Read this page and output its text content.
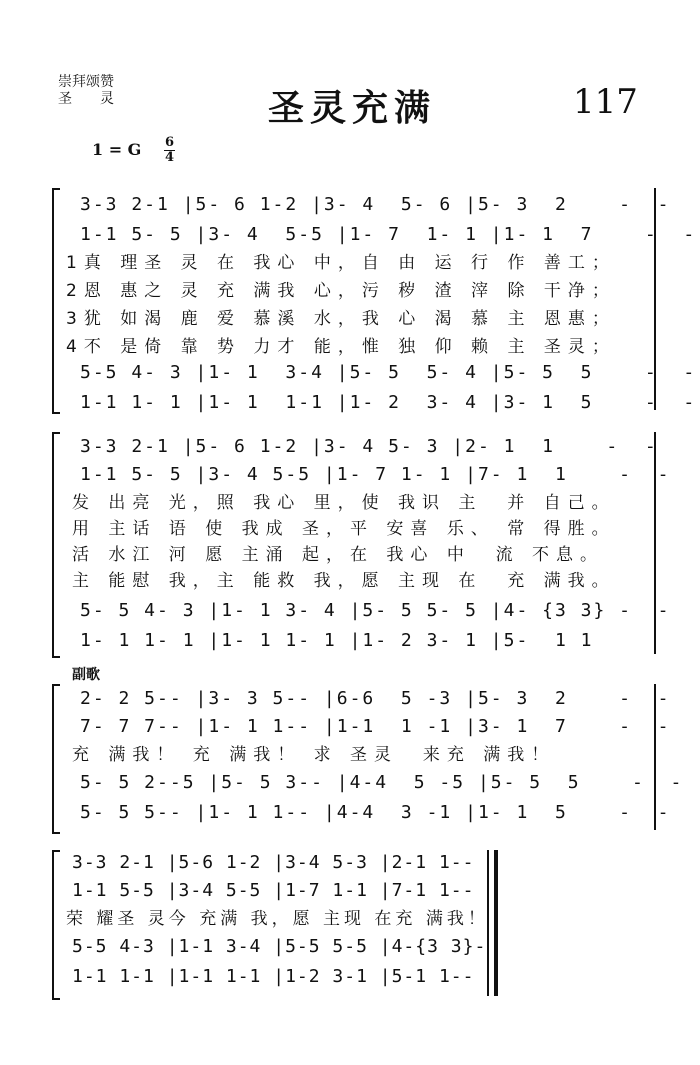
崇拜颂赞
圣　　灵	圣灵充满	117
1 = G 6
4
3-3 2-1 |5- 6 1-2 |3- 4  5- 6 |5- 3  2    -  -
1-1 5- 5 |3- 4  5-5 |1- 7  1- 1 |1- 1  7    -  -
1真 理圣 灵 在 我心 中，自 由 运 行 作 善工；
2恩 惠之 灵 充 满我 心，污 秽 渣 滓 除 干净；
3犹 如渴 鹿 爱 慕溪 水，我 心 渴 慕 主 恩惠；
4不 是倚 靠 势 力才 能，惟 独 仰 赖 主 圣灵；
5-5 4- 3 |1- 1  3-4 |5- 5  5- 4 |5- 5  5    -  -
1-1 1- 1 |1- 1  1-1 |1- 2  3- 4 |3- 1  5    -  -
3-3 2-1 |5- 6 1-2 |3- 4 5- 3 |2- 1  1    -  -
1-1 5- 5 |3- 4 5-5 |1- 7 1- 1 |7- 1  1    -  -
发 出亮 光，照 我心 里，使 我识 主  并 自己。
用 主话 语 使 我成 圣，平 安喜 乐、 常 得胜。
活 水江 河 愿 主涌 起，在 我心 中  流 不息。
主 能慰 我，主 能救 我，愿 主现 在  充 满我。
5- 5 4- 3 |1- 1 3- 4 |5- 5 5- 5 |4- {3 3} -  -
1- 1 1- 1 |1- 1 1- 1 |1- 2 3- 1 |5-  1 1
副歌
2- 2 5-- |3- 3 5-- |6-6  5 -3 |5- 3  2    -  -
7- 7 7-- |1- 1 1-- |1-1  1 -1 |3- 1  7    -  -
充 满我！ 充 满我！ 求 圣灵  来充 满我！
5- 5 2--5 |5- 5 3-- |4-4  5 -5 |5- 5  5    -  -
5- 5 5-- |1- 1 1-- |4-4  3 -1 |1- 1  5    -  -
3-3 2-1 |5-6 1-2 |3-4 5-3 |2-1 1--
1-1 5-5 |3-4 5-5 |1-7 1-1 |7-1 1--
荣 耀圣 灵今 充满 我，愿 主现 在充 满我！
5-5 4-3 |1-1 3-4 |5-5 5-5 |4-{3 3}-
1-1 1-1 |1-1 1-1 |1-2 3-1 |5-1 1--
